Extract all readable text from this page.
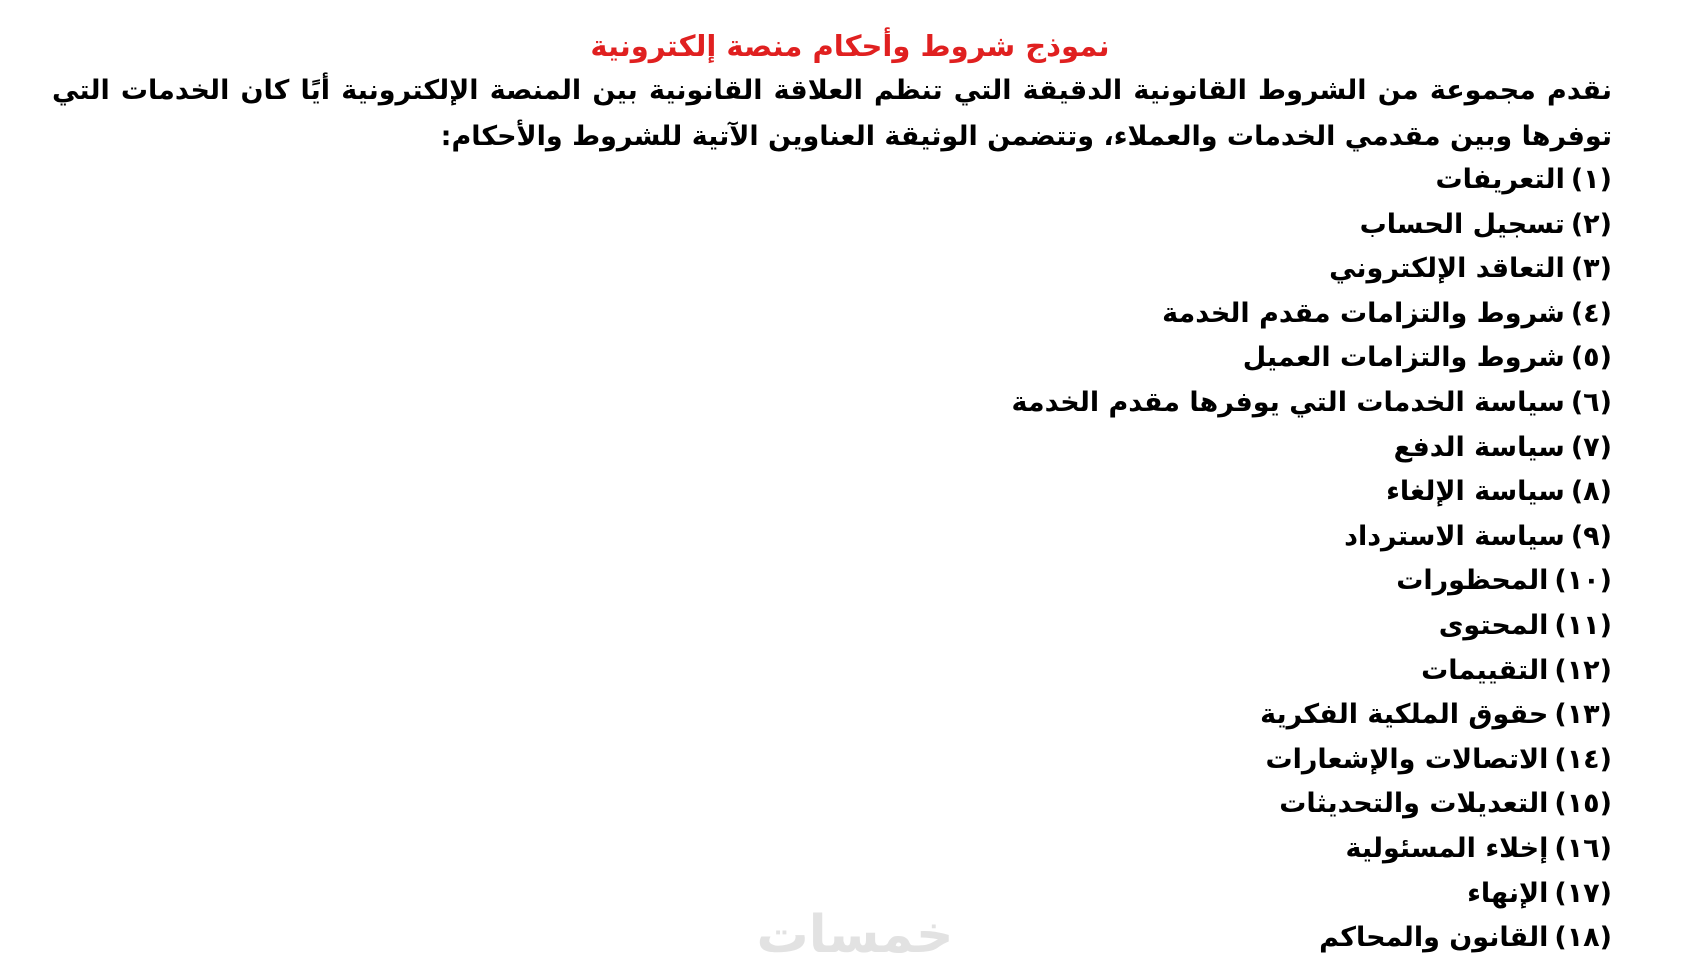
نموذج شروط وأحكام منصة إلكترونية

نقدم مجموعة من الشروط القانونية الدقيقة التي تنظم العلاقة القانونية بين المنصة الإلكترونية أيًا كان الخدمات التي توفرها وبين مقدمي الخدمات والعملاء، وتتضمن الوثيقة العناوين الآتية للشروط والأحكام:

(١)التعريفات
(٢)تسجيل الحساب
(٣)التعاقد الإلكتروني
(٤)شروط والتزامات مقدم الخدمة
(٥)شروط والتزامات العميل
(٦)سياسة الخدمات التي يوفرها مقدم الخدمة
(٧)سياسة الدفع
(٨)سياسة الإلغاء
(٩)سياسة الاسترداد
(١٠)المحظورات
(١١)المحتوى
(١٢)التقييمات
(١٣)حقوق الملكية الفكرية
(١٤)الاتصالات والإشعارات
(١٥)التعديلات والتحديثات
(١٦)إخلاء المسئولية
(١٧)الإنهاء
(١٨)القانون والمحاكم
خمسات
